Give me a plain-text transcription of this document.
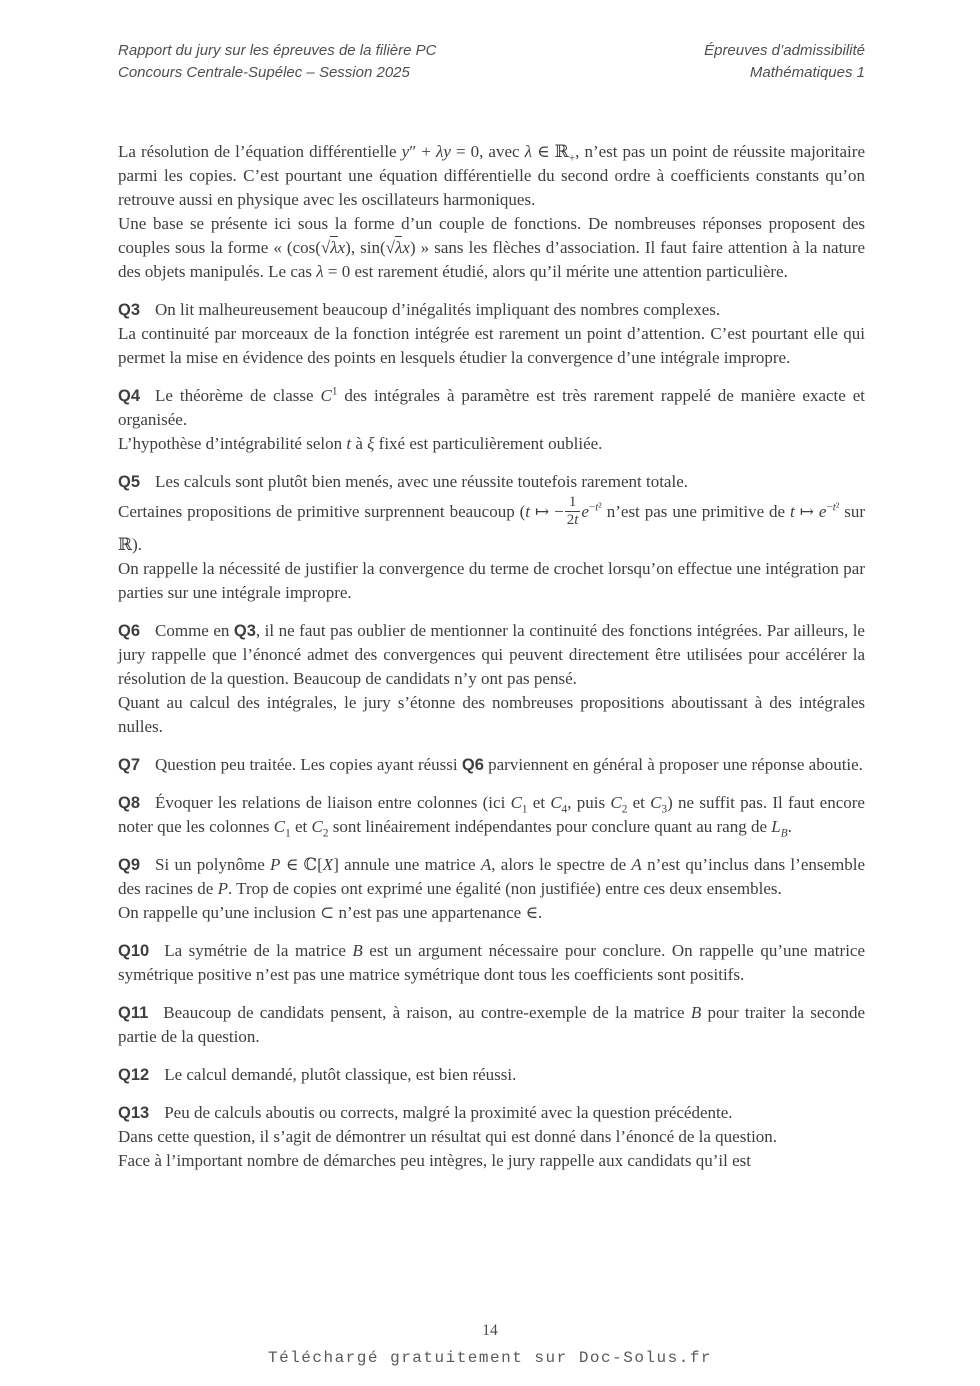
Rapport du jury sur les épreuves de la filière PC
Concours Centrale-Supélec – Session 2025
Épreuves d’admissibilité
Mathématiques 1

La résolution de l’équation différentielle y″ + λy = 0, avec λ ∈ ℝ$_+$, n’est pas un point de réussite majoritaire parmi les copies. C’est pourtant une équation différentielle du second ordre à coefficients constants qu’on retrouve aussi en physique avec les oscillateurs harmoniques.
Une base se présente ici sous la forme d’un couple de fonctions. De nombreuses réponses proposent des couples sous la forme « (cos(√λx), sin(√λx) » sans les flèches d’association. Il faut faire attention à la nature des objets manipulés. Le cas λ = 0 est rarement étudié, alors qu’il mérite une attention particulière.

Q3 On lit malheureusement beaucoup d’inégalités impliquant des nombres complexes.
La continuité par morceaux de la fonction intégrée est rarement un point d’attention. C’est pourtant elle qui permet la mise en évidence des points en lesquels étudier la convergence d’une intégrale impropre.

Q4 Le théorème de classe $C^1$ des intégrales à paramètre est très rarement rappelé de manière exacte et organisée.
L’hypothèse d’intégrabilité selon t à ξ fixé est particulièrement oubliée.

Q5 Les calculs sont plutôt bien menés, avec une réussite toutefois rarement totale.
Certaines propositions de primitive surprennent beaucoup (t ↦ − $\frac{1}{2t} e^{-t^2}$ n’est pas une primitive de t ↦ $e^{-t^2}$ sur ℝ).
On rappelle la nécessité de justifier la convergence du terme de crochet lorsqu’on effectue une intégration par parties sur une intégrale impropre.

Q6 Comme en Q3, il ne faut pas oublier de mentionner la continuité des fonctions intégrées. Par ailleurs, le jury rappelle que l’énoncé admet des convergences qui peuvent directement être utilisées pour accélérer la résolution de la question. Beaucoup de candidats n’y ont pas pensé.
Quant au calcul des intégrales, le jury s’étonne des nombreuses propositions aboutissant à des intégrales nulles.

Q7 Question peu traitée. Les copies ayant réussi Q6 parviennent en général à proposer une réponse aboutie.

Q8 Évoquer les relations de liaison entre colonnes (ici $C_1$ et $C_4$, puis $C_2$ et $C_3$) ne suffit pas. Il faut encore noter que les colonnes $C_1$ et $C_2$ sont linéairement indépendantes pour conclure quant au rang de $L_B$.

Q9 Si un polynôme P ∈ ℂ[X] annule une matrice A, alors le spectre de A n’est qu’inclus dans l’ensemble des racines de P. Trop de copies ont exprimé une égalité (non justifiée) entre ces deux ensembles.
On rappelle qu’une inclusion ⊂ n’est pas une appartenance ∈.

Q10 La symétrie de la matrice B est un argument nécessaire pour conclure. On rappelle qu’une matrice symétrique positive n’est pas une matrice symétrique dont tous les coefficients sont positifs.

Q11 Beaucoup de candidats pensent, à raison, au contre-exemple de la matrice B pour traiter la seconde partie de la question.

Q12 Le calcul demandé, plutôt classique, est bien réussi.

Q13 Peu de calculs aboutis ou corrects, malgré la proximité avec la question précédente.
Dans cette question, il s’agit de démontrer un résultat qui est donné dans l’énoncé de la question.
Face à l’important nombre de démarches peu intègres, le jury rappelle aux candidats qu’il est

14
Téléchargé gratuitement sur Doc-Solus.fr
